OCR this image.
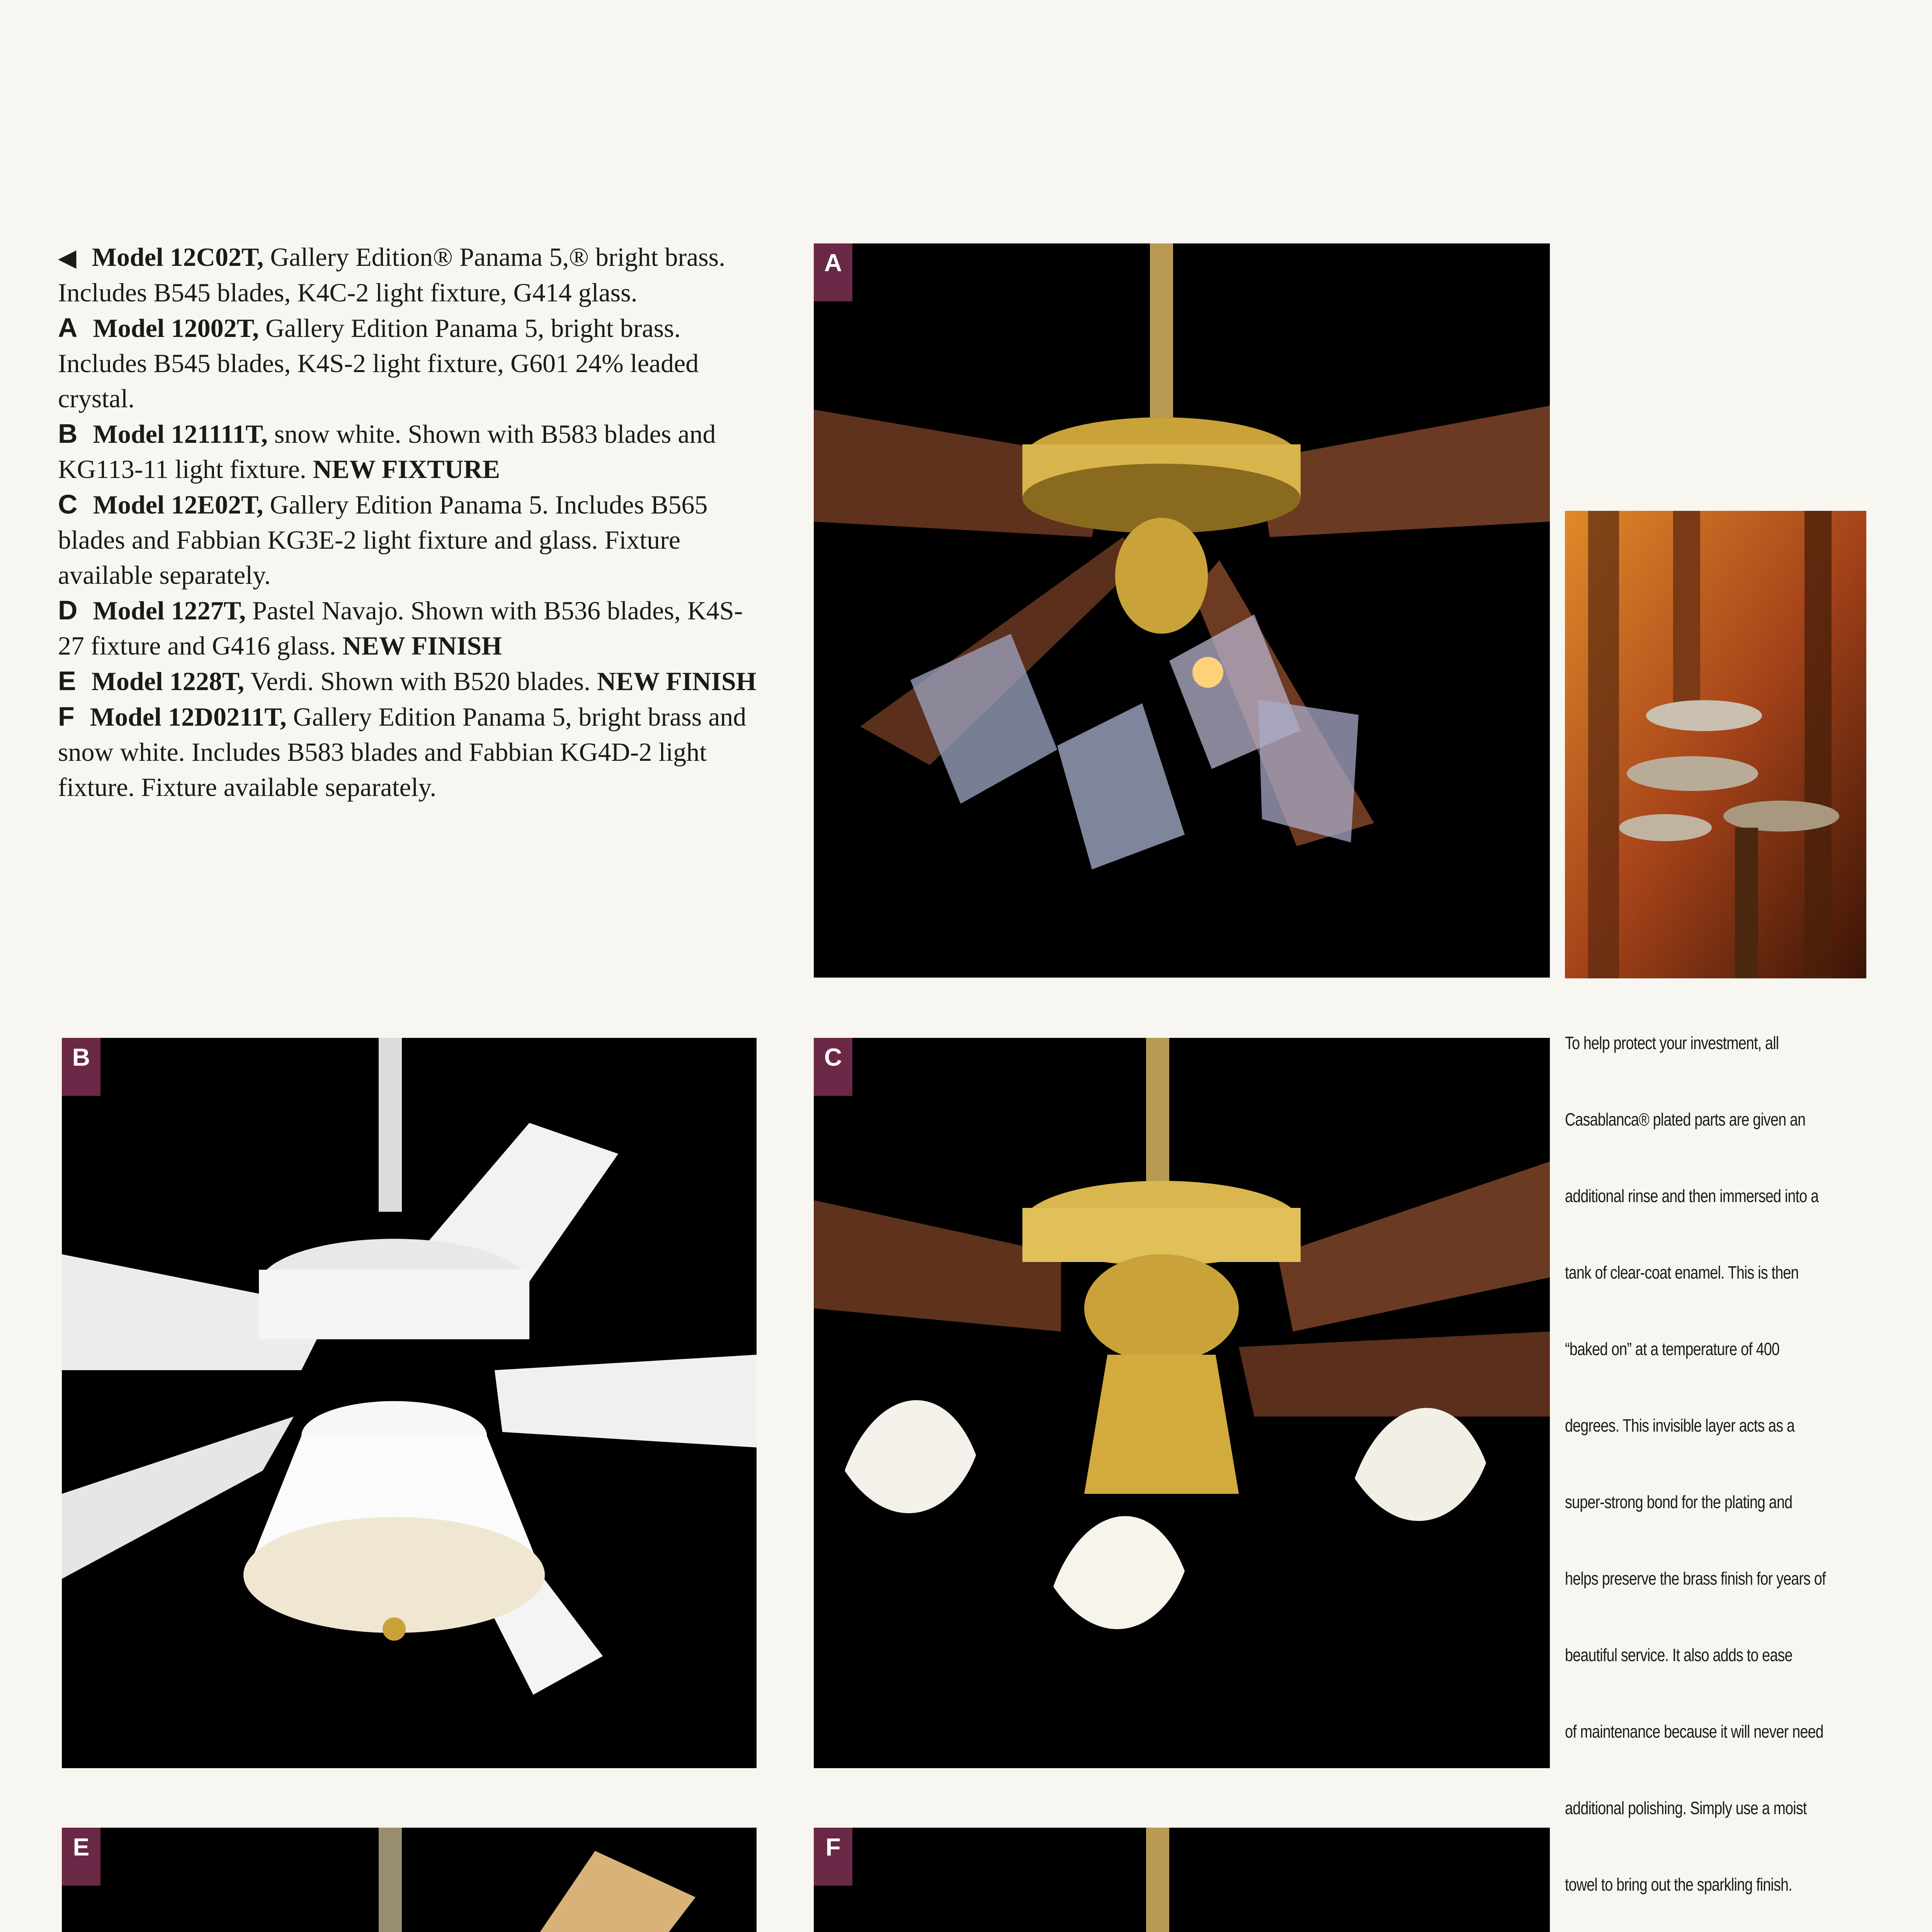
◀ Model 12C02T, Gallery Edition® Panama 5,® bright brass. Includes B545 blades, K4C-2 light fixture, G414 glass.

A Model 12002T, Gallery Edition Panama 5, bright brass. Includes B545 blades, K4S-2 light fixture, G601 24% leaded crystal.

B Model 121111T, snow white. Shown with B583 blades and KG113-11 light fixture. NEW FIXTURE

C Model 12E02T, Gallery Edition Panama 5. Includes B565 blades and Fabbian KG3E-2 light fixture and glass. Fixture available separately.

D Model 1227T, Pastel Navajo. Shown with B536 blades, K4S-27 fixture and G416 glass. NEW FINISH

E Model 1228T, Verdi. Shown with B520 blades. NEW FINISH

F Model 12D0211T, Gallery Edition Panama 5, bright brass and snow white. Includes B583 blades and Fabbian KG4D-2 light fixture. Fixture available separately.

A
B	C
E	F
To help protect your investment, all
Casablanca® plated parts are given an
additional rinse and then immersed into a
tank of clear-coat enamel. This is then
“baked on” at a temperature of 400
degrees. This invisible layer acts as a
super-strong bond for the plating and
helps preserve the brass finish for years of
beautiful service. It also adds to ease
of maintenance because it will never need
additional polishing. Simply use a moist
towel to bring out the sparkling finish.
